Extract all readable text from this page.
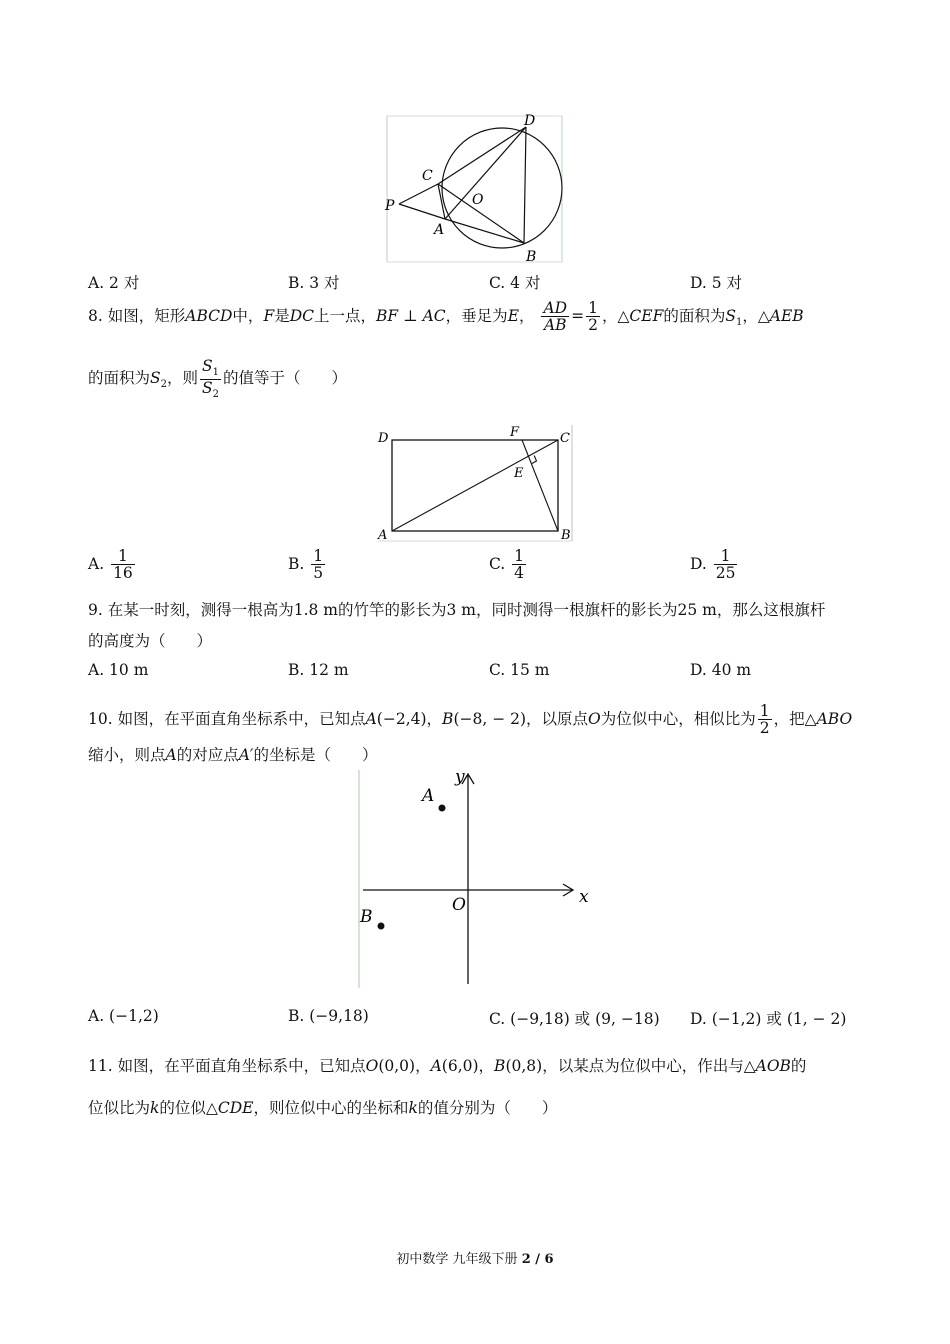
D
C
O
P
A
B
A. 2 对	B. 3 对	C. 4 对	D. 5 对
8. 如图，矩形ABCD中，F是DC上一点，BF ⊥ AC，垂足为E， $\frac{AD}{AB} = \frac{1}{2}$ ，△CEF的面积为$S_1$，△AEB
的面积为$S_2$，则 $\frac{S_1}{S_2}$ 的值等于（　　）
D	F	C
E
A	B
A. $\frac{1}{16}$	B. $\frac{1}{5}$	C. $\frac{1}{4}$	D. $\frac{1}{25}$
9. 在某一时刻，测得一根高为1.8 m的竹竿的影长为3 m，同时测得一根旗杆的影长为25 m，那么这根旗杆
的高度为（　　）
A. 10 m	B. 12 m	C. 15 m	D. 40 m
10. 如图，在平面直角坐标系中，已知点A(−2,4)，B(−8, − 2)，以原点O为位似中心，相似比为 $\frac{1}{2}$ ，把△ABO
缩小，则点A的对应点A′的坐标是（　　）
y
x
O
A
B
A. (−1,2)	B. (−9,18)	C. (−9,18) 或 (9, −18) D. (−1,2) 或 (1, − 2)
11. 如图，在平面直角坐标系中，已知点O(0,0)，A(6,0)，B(0,8)，以某点为位似中心，作出与△AOB的
位似比为k的位似△CDE，则位似中心的坐标和k的值分别为（　　）
初中数学 九年级下册 2 / 6
